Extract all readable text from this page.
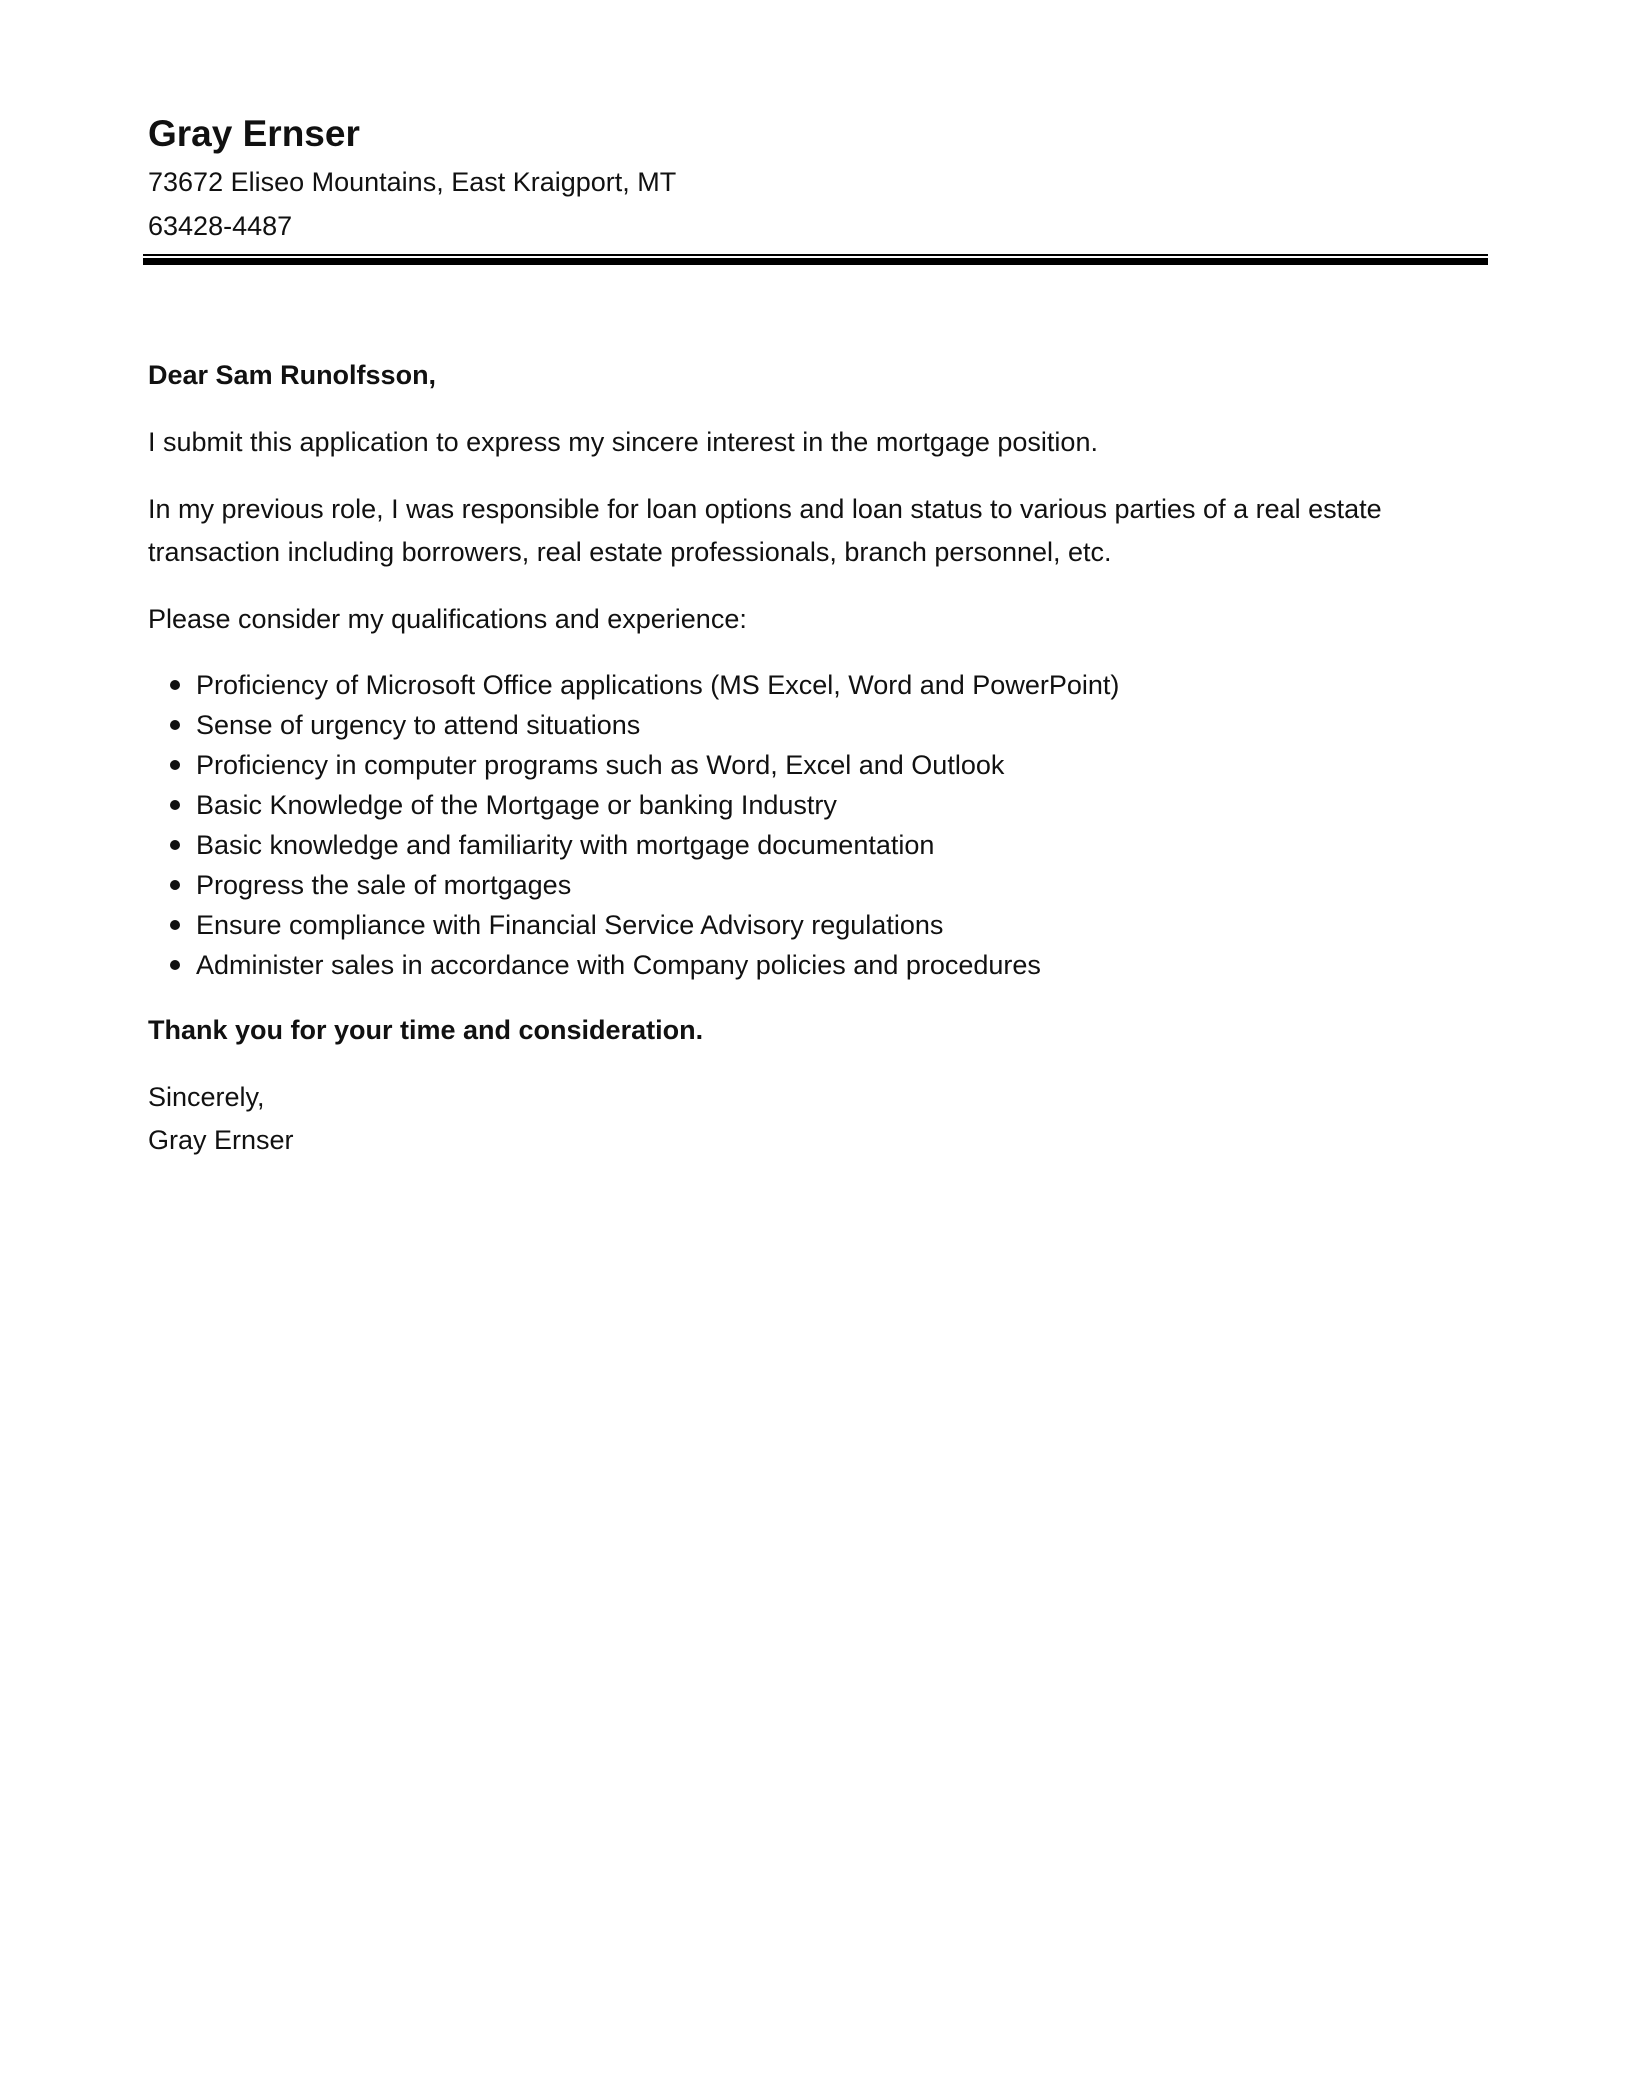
Gray Ernser

73672 Eliseo Mountains, East Kraigport, MT

63428-4487

Dear Sam Runolfsson,

I submit this application to express my sincere interest in the mortgage position.

In my previous role, I was responsible for loan options and loan status to various parties of a real estate transaction including borrowers, real estate professionals, branch personnel, etc.

Please consider my qualifications and experience:

Proficiency of Microsoft Office applications (MS Excel, Word and PowerPoint)
Sense of urgency to attend situations
Proficiency in computer programs such as Word, Excel and Outlook
Basic Knowledge of the Mortgage or banking Industry
Basic knowledge and familiarity with mortgage documentation
Progress the sale of mortgages
Ensure compliance with Financial Service Advisory regulations
Administer sales in accordance with Company policies and procedures

Thank you for your time and consideration.

Sincerely,

Gray Ernser
